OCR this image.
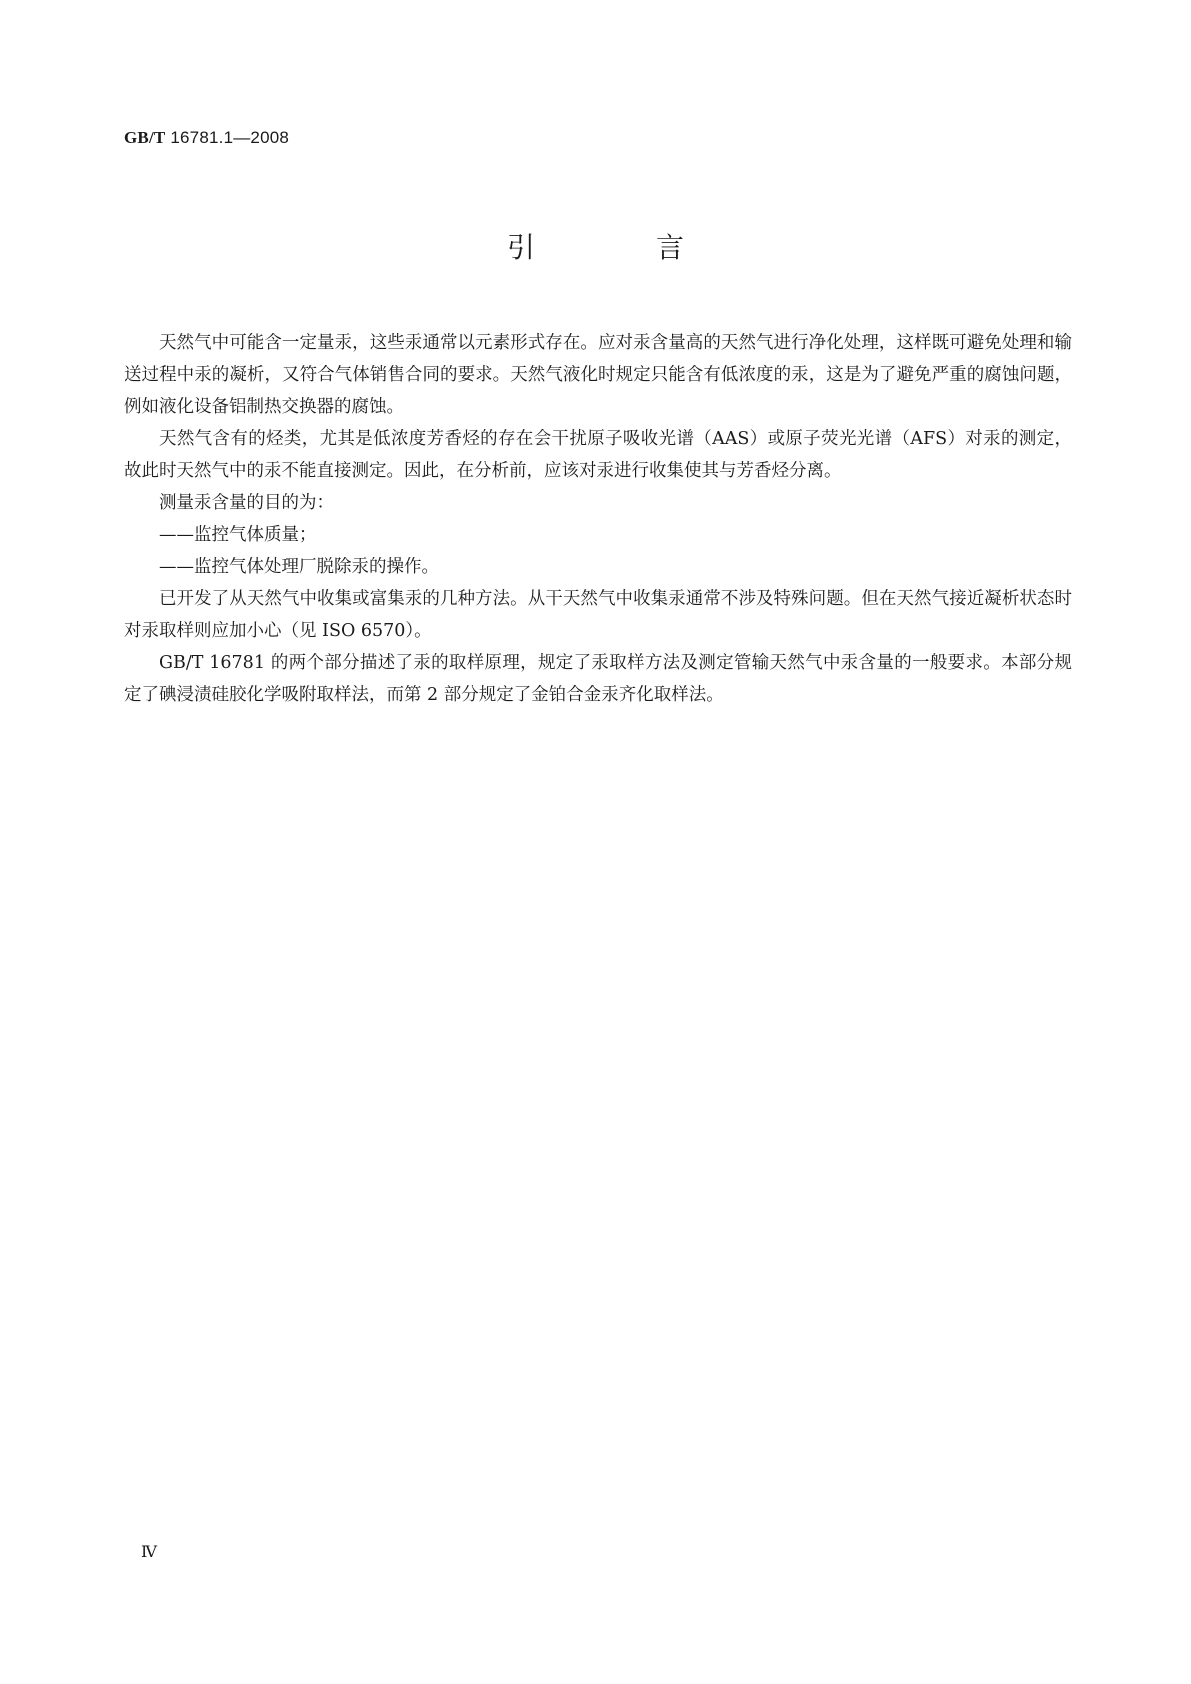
GB/T 16781.1—2008
引 言

天然气中可能含一定量汞，这些汞通常以元素形式存在。应对汞含量高的天然气进行净化处理，这样既可避免处理和输送过程中汞的凝析，又符合气体销售合同的要求。天然气液化时规定只能含有低浓度的汞，这是为了避免严重的腐蚀问题，例如液化设备铝制热交换器的腐蚀。

天然气含有的烃类，尤其是低浓度芳香烃的存在会干扰原子吸收光谱（AAS）或原子荧光光谱（AFS）对汞的测定，故此时天然气中的汞不能直接测定。因此，在分析前，应该对汞进行收集使其与芳香烃分离。

测量汞含量的目的为：

——监控气体质量；

——监控气体处理厂脱除汞的操作。

已开发了从天然气中收集或富集汞的几种方法。从干天然气中收集汞通常不涉及特殊问题。但在天然气接近凝析状态时对汞取样则应加小心（见 ISO 6570）。

GB/T 16781 的两个部分描述了汞的取样原理，规定了汞取样方法及测定管输天然气中汞含量的一般要求。本部分规定了碘浸渍硅胶化学吸附取样法，而第 2 部分规定了金铂合金汞齐化取样法。

Ⅳ
